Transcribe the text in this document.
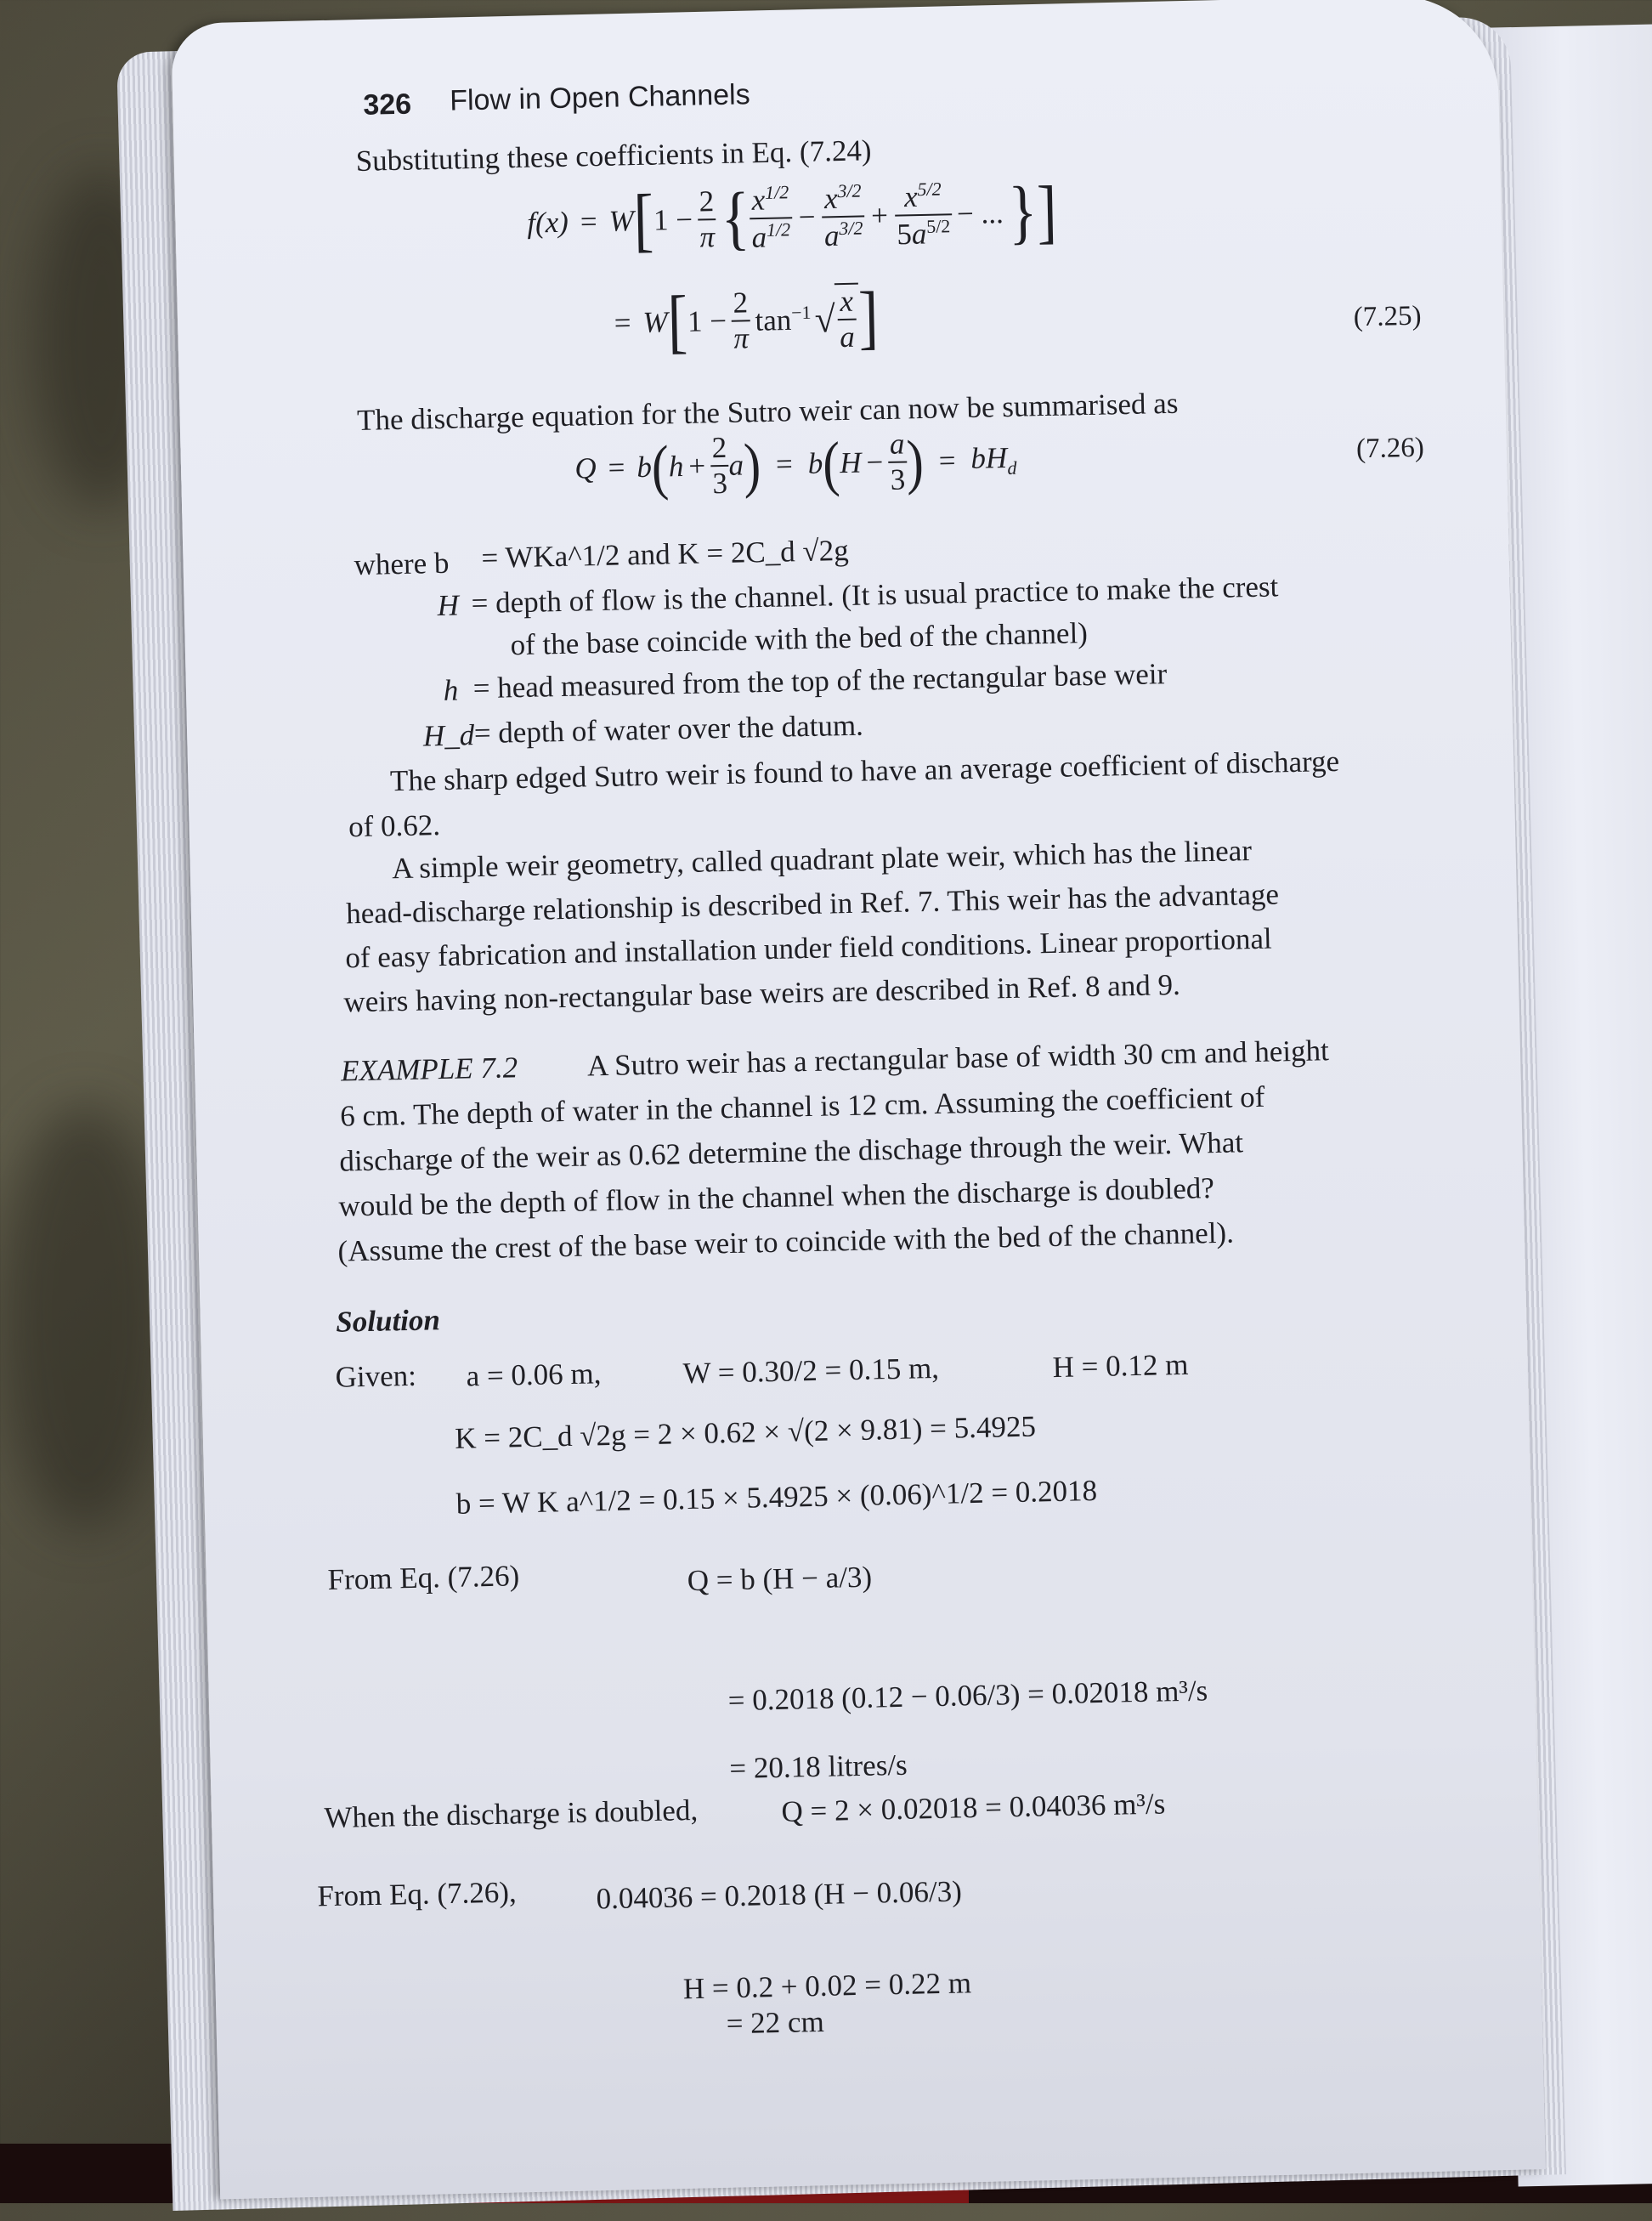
326 Flow in Open Channels
Substituting these coefficients in Eq. (7.24)
f(x) = W
[
$1 - \frac{2}{\pi}$ {
$\frac{x^{1/2}}{a^{1/2}} - \frac{x^{3/2}}{a^{3/2}} + \frac{x^{5/2}}{5a^{5/2}}$ − ... }
]
= W
[
$1 - \frac{2}{\pi} \tan^{-1}$ √ $\frac{x}{a}$ ]	(7.25)
The discharge equation for the Sutro weir can now be summarised as
Q = b
(
$h + \frac{2}{3}$
a
) = b
(
$H - \frac{a}{3}$
) = $bH_d$
(7.26)
where b = WKa^1/2 and K = 2C_d √2g
H = depth of flow is the channel. (It is usual practice to make the crest
of the base coincide with the bed of the channel)
h = head measured from the top of the rectangular base weir
H_d
= depth of water over the datum.
The sharp edged Sutro weir is found to have an average coefficient of discharge
of 0.62.
A simple weir geometry, called quadrant plate weir, which has the linear
head-discharge relationship is described in Ref. 7. This weir has the advantage
of easy fabrication and installation under field conditions. Linear proportional
weirs having non-rectangular base weirs are described in Ref. 8 and 9.
EXAMPLE 7.2 A Sutro weir has a rectangular base of width 30 cm and height
6 cm. The depth of water in the channel is 12 cm. Assuming the coefficient of
discharge of the weir as 0.62 determine the dischage through the weir. What
would be the depth of flow in the channel when the discharge is doubled?
(Assume the crest of the base weir to coincide with the bed of the channel).
Solution
Given: a = 0.06 m,	W = 0.30/2 = 0.15 m,	H = 0.12 m
K = 2C_d √2g = 2 × 0.62 × √(2 × 9.81) = 5.4925
b = W K a^1/2 = 0.15 × 5.4925 × (0.06)^1/2 = 0.2018
From Eq. (7.26)	Q = b (H − a/3)
= 0.2018 (0.12 − 0.06/3) = 0.02018 m³/s
= 20.18 litres/s
When the discharge is doubled,	Q = 2 × 0.02018 = 0.04036 m³/s
From Eq. (7.26),	0.04036 = 0.2018 (H − 0.06/3)
H = 0.2 + 0.02 = 0.22 m
= 22 cm
